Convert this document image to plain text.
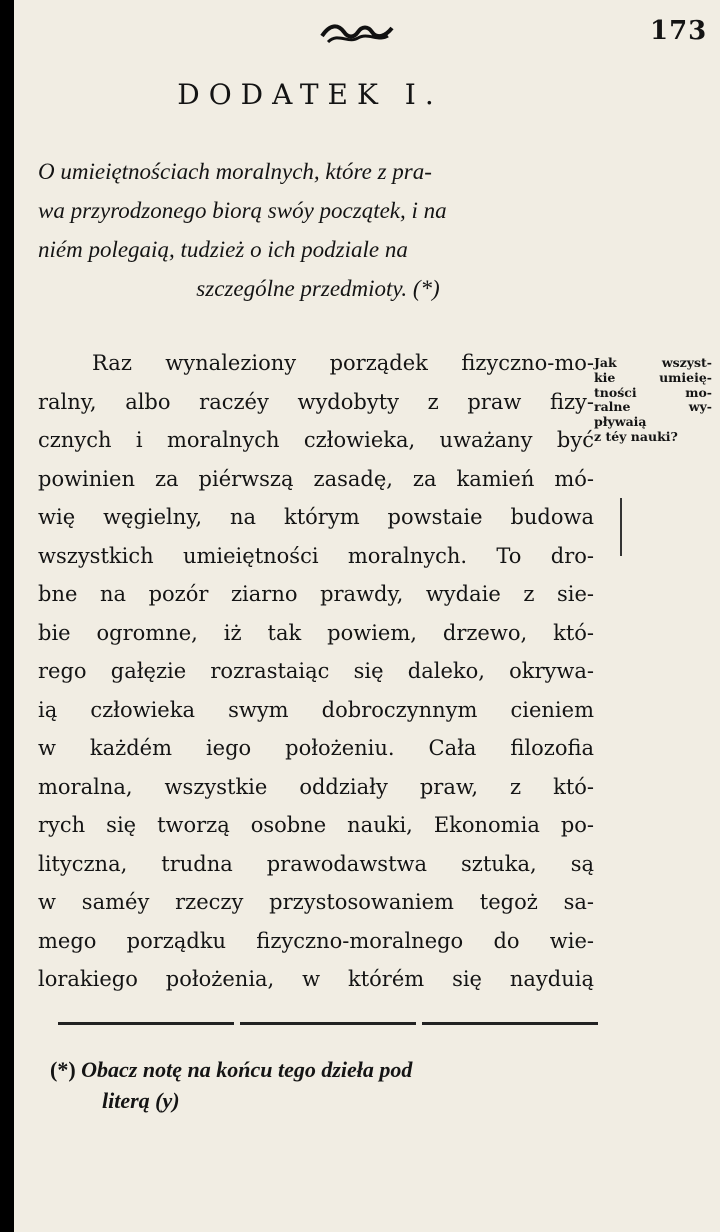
173
DODATEK I.
O umieiętnościach moralnych, które z pra-
wa przyrodzonego biorą swóy początek, i na
niém polegaią, tudzież o ich podziale na
szczególne przedmioty. (*)
Raz wynaleziony porządek fizyczno-mo-
ralny, albo raczéy wydobyty z praw fizy-
cznych i moralnych człowieka, uważany być
powinien za piérwszą zasadę, za kamień mó-
wię węgielny, na którym powstaie budowa
wszystkich umieiętności moralnych. To dro-
bne na pozór ziarno prawdy, wydaie z sie-
bie ogromne, iż tak powiem, drzewo, któ-
rego gałęzie rozrastaiąc się daleko, okrywa-
ią człowieka swym dobroczynnym cieniem
w każdém iego położeniu. Cała filozofia
moralna, wszystkie oddziały praw, z któ-
rych się tworzą osobne nauki, Ekonomia po-
lityczna, trudna prawodawstwa sztuka, są
w saméy rzeczy przystosowaniem tegoż sa-
mego porządku fizyczno-moralnego do wie-
lorakiego położenia, w którém się nayduią
Jak wszyst-
kie umieię-
tności mo-
ralne wy-
pływaią
z téy nauki?
(*) Obacz notę na końcu tego dzieła pod
literą (y)
